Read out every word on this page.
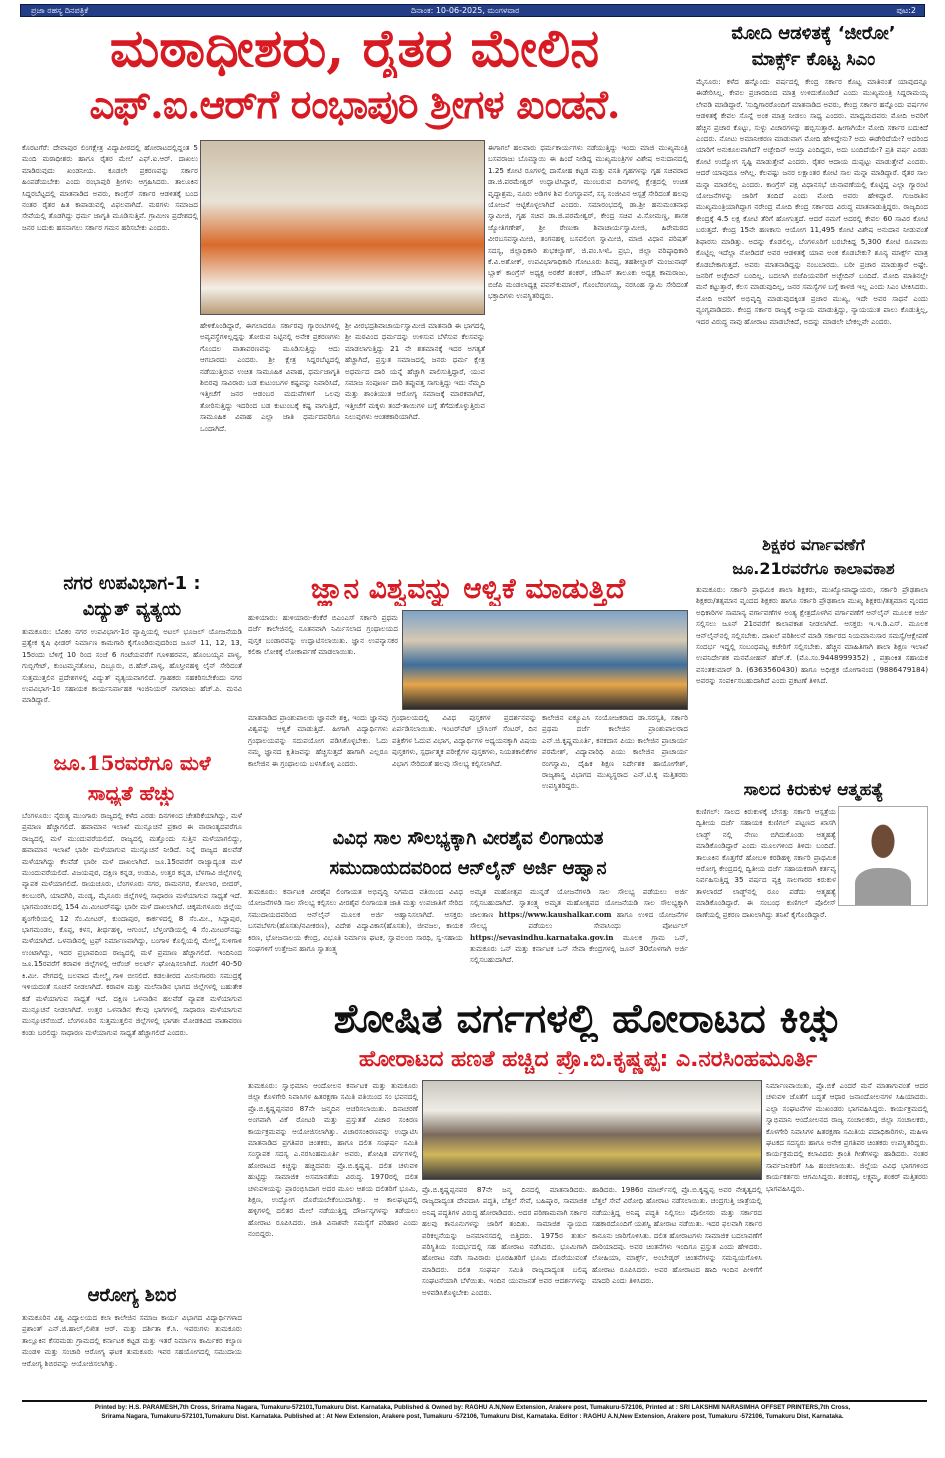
ಪ್ರಜಾ ರಹಸ್ಯ ದಿನಪತ್ರಿಕೆ	ದಿನಾಂಕ: 10-06-2025, ಮಂಗಳವಾರ	ಪುಟ:2
ಮಠಾಧೀಶರು, ರೈತರ ಮೇಲಿನ
ಎಫ್.ಐ.ಆರ್‌ಗೆ ರಂಭಾಪುರಿ ಶ್ರೀಗಳ ಖಂಡನೆ.
ಕೊರಟಗೆರೆ: ದೇವಾಪುರ ಲಿಂಗಕ್ಷೇತ್ರ ವಿದ್ಯಾಪೀಠದಲ್ಲಿ ಹೋರಾಟದಲ್ಲಿದ್ದಂತ 5 ಮಂದಿ ಮಠಾಧೀಶರು ಹಾಗೂ ರೈತರ ಮೇಲೆ ಎಫ್.ಐ.ಆರ್. ದಾಖಲು ಮಾಡಿರುವುದು ಖಂಡನೀಯ. ಕೂಡಲೇ ಪ್ರಕರಣವನ್ನು ಸರ್ಕಾರ ಹಿಂಪಡೆಯಬೇಕು ಎಂದು ರಂಭಾಪುರಿ ಶ್ರೀಗಳು ಆಗ್ರಹಿಸಿದರು. ತಾಲೂಕಿನ ಸಿದ್ದರಬೆಟ್ಟದಲ್ಲಿ ಮಾತನಾಡಿದ ಅವರು, ಕಾಂಗ್ರೆಸ್ ಸರ್ಕಾರ ಆಡಳಿತಕ್ಕೆ ಬಂದ ನಂತರ ರೈತರ ಹಿತ ಕಾಪಾಡುವಲ್ಲಿ ವಿಫಲವಾಗಿದೆ. ಮಠಗಳು ಸಮಾಜದ ಸೇವೆಯಲ್ಲಿ ತೊಡಗಿದ್ದು ಧರ್ಮ ಜಾಗೃತಿ ಮೂಡಿಸುತ್ತಿವೆ. ಗ್ರಾಮೀಣ ಪ್ರದೇಶದಲ್ಲಿ ಜನರ ಬದುಕು ಹಸನಾಗಲು ಸರ್ಕಾರ ಗಮನ ಹರಿಸಬೇಕು ಎಂದರು.
ಹೇಳಿಕೊಂಡಿದ್ದಾರೆ, ಈಗಲಾದರೂ ಸರ್ಕಾರವು ಗ್ಯಾರಂಟಿಗಳಲ್ಲಿ ಅವ್ಯವಸ್ಥೆಗಳಿಲ್ಲದ್ದನ್ನು ತೋರುವ ನಿಟ್ಟಿನಲ್ಲಿ ಅನೇಕ ಪ್ರಕರಣಗಳು ಗೊಂದಲ ವಾತಾವರಣವನ್ನು ಮೂಡಿಸುತ್ತಿದ್ದು ಆದು ಆಗಬಾರದು ಎಂದರು. ಶ್ರೀ ಕ್ಷೇತ್ರ ಸಿದ್ದರಬೆಟ್ಟದಲ್ಲಿ ನಡೆಯುತ್ತಿರುವ ಉಚಿತ ಸಾಮೂಹಿಕ ವಿವಾಹ, ಧರ್ಮಜಾಗೃತಿ ಶಿಬಿರವು ಸಾವಿರಾರು ಬಡ ಕುಟುಂಬಗಳ ಕಷ್ಟವನ್ನು ನಿವಾರಿಸಿದೆ, ಇತ್ತೀಚೆಗೆ ಜನರ ಆಡಂಬರ ಮದುವೆಗಳಿಗೆ ಒಲವು ತೋರಿಸುತ್ತಿದ್ದು ಇದರಿಂದ ಬಡ ಕುಟುಂಬಕ್ಕೆ ಕಷ್ಟ ವಾಗುತ್ತಿದೆ, ಸಾಮೂಹಿಕ ವಿವಾಹ ಎಲ್ಲಾ ಜಾತಿ ಧರ್ಮದವರಿಗೂ ಒಂದಾಗಿದೆ.
ಶ್ರೀ ವೀರಭದ್ರಶಿವಾಚಾರ್ಯಸ್ವಾಮೀಜಿ ಮಾತನಾಡಿ ಈ ಭಾಗದಲ್ಲಿ ಶ್ರೀ ಮಠವಿಂದ ಧರ್ಮದನ್ನು ಉಳಿಸುವ ಬೆಳೆಸುವ ಕೆಲಸವನ್ನು ಮಾಡಲಾಗುತ್ತಿದ್ದು 21 ನೇ ಶತಮಾನಕ್ಕೆ ಇದರ ಅಗತ್ಯತೆ ಹೆಚ್ಚಾಗಿದೆ, ಪ್ರಸ್ತುತ ಸಮಾಜದಲ್ಲಿ ಜನರು ಧರ್ಮ ಕ್ಷೇತ್ರ ಅಧರ್ಮದ ದಾರಿ ಯನ್ನೆ ಹೆಚ್ಚಾಗಿ ಪಾಲಿಸುತ್ತಿದ್ದಾರೆ, ಯುವ ಸಮಾಜ ಸಂಪೂರ್ಣ ದಾರಿ ತಪ್ಪುವತ್ತ ಸಾಗುತ್ತಿದ್ದು ಇದು ನೆಮ್ಮದಿ ಮತ್ತು ಶಾಂತಿಯುತ ಆರೋಗ್ಯ ಸಮಾಜಕ್ಕೆ ಮಾರಕವಾಗಿದೆ, ಇತ್ತೀಚೆಗೆ ಮಕ್ಕಳು ತಂದೆ-ತಾಯಿಗಳ ಬಗ್ಗೆ ತೆಗೆದುಕೊಳ್ಳುತ್ತಿರುವ ನಿಲುವುಗಳು ಆಂತಕಕಾರಿಯಾಗಿದೆ.
ಈಗಾಗಲೆ ಹಲವಾರು ಧರ್ಮಕಾರ್ಯಗಳು ನಡೆಯುತ್ತಿದ್ದು ಇಂದು ಮಾಜಿ ಮುಖ್ಯಮಂತ್ರಿ ಬಸವರಾಜು ಬೊಮ್ಮಾಯಿ ಈ ಹಿಂದೆ ನೀಡಿದ್ದ ಮುಖ್ಯಮಂತ್ರಿಗಳ ವಿಶೇಷ ಅನುದಾನದಲ್ಲಿ 1.25 ಕೋಟಿ ರೂಗಳಲ್ಲಿ ದಾಸೋಹ ಕಟ್ಟಡ ಮತ್ತು ವಸತಿ ಗೃಹಗಳನ್ನು ಗೃಹ ಸಚಿವರಾದ ಡಾ.ಜಿ.ಪರಮೇಶ್ವರ್ ಉದ್ಘಾಟಿಸಿದ್ದಾರೆ, ಮುಂಬರುವ ದಿನಗಳಲ್ಲಿ ಕ್ಷೇತ್ರದಲ್ಲಿ ಉಚಿತ ವೃದ್ಧಾಶ್ರಮ, ನೂರು ಅಡಿಗಳ ಶಿವ ಲಿಂಗಸ್ಥಾಪನೆ, ಸಸ್ಯ ಸಂಜೀವಿನ ಆಸ್ಪತ್ರೆ ಸೇರಿದಂತೆ ಹಲವು ಯೋಜನೆ ಆಟ್ಟಿಕೊಳ್ಳಲಾಗಿದೆ ಎಂದರು. ಸಮಾರಂಭದಲ್ಲಿ ಡಾ.ಶ್ರೀ ಹನುಮಂತನಾಥ ಸ್ವಾಮೀಜಿ, ಗೃಹ ಸಚಿವ ಡಾ.ಜಿ.ಪರಮೇಶ್ವರ್, ಕೇಂದ್ರ ಸಚಿವ ವಿ.ಸೋಮಣ್ಣ, ಶಾಸಕ ಜ್ಯೋತಿಗಣೇಶ್, ಶ್ರೀ ರೇಣುಕಾ ಶಿವಾಚಾರ್ಯಸ್ವಾಮೀಜಿ, ಹಿರೇಮಠದ ವೀರಬಸವಸ್ವಾಮೀಜಿ, ತಂಗನಹಳ್ಳಿ ಬಸವಲಿಂಗ ಸ್ವಾಮೀಜಿ, ಮಾಜಿ ವಿಧಾನ ಪರಿಷತ್ ಸದಸ್ಯ, ಜಿಲ್ಲಾಧಿಕಾರಿ ಶುಭಕಲ್ಯಾಣ್, ಜಿ.ಪಂ.ಸಿಇಓ ಪ್ರಭು, ಜಿಲ್ಲಾ ವರಿಷ್ಠಾಧಿಕಾರಿ ಕೆ.ವಿ.ಅಶೋಕ್, ಉಪವಿಭಾಗಾಧಿಕಾರಿ ಗೋಟೂರು ಶಿವಪ್ಪ, ತಹಶೀಲ್ದಾರ್ ಮಂಜುನಾಥ್ ಬ್ಲಾಕ್ ಕಾಂಗ್ರೆಸ್ ಅಧ್ಯಕ್ಷ ಅರಕೆರೆ ಶಂಕರ್, ಜೆಡಿಎಸ್ ತಾಲೂಕು ಅಧ್ಯಕ್ಷ ಕಾಮರಾಜು, ಬಿಜೆಪಿ ಮಂಡಲಾಧ್ಯಕ್ಷ ಪವನ್‌ಕುಮಾರ್, ಗೊಂಬೆರಂಗಯ್ಯ, ನರಸಿಂಹ ಸ್ವಾಮಿ ಸೇರಿದಂತೆ ಭಕ್ತಾದಿಗಳು ಉಪಸ್ಥಿತರಿದ್ದರು.
ಮೋದಿ ಆಡಳಿತಕ್ಕೆ ‘ಜೀರೋ’
ಮಾರ್ಕ್ಸ್ ಕೊಟ್ಟ ಸಿಎಂ
ಮೈಸೂರು: ಕಳೆದ ಹನ್ನೊಂದು ವರ್ಷದಲ್ಲಿ ಕೇಂದ್ರ ಸರ್ಕಾರ ಕೊಟ್ಟ ಮಾತಿನಂತೆ ಯಾವುದನ್ನೂ ಈಡೇರಿಸಿಲ್ಲ. ಕೇವಲ ಪ್ರಚಾರದಿಂದ ಮಾತ್ರ ಉಳಿದುಕೊಂಡಿದೆ ಎಂದು ಮುಖ್ಯಮಂತ್ರಿ ಸಿದ್ದರಾಮಯ್ಯ ಲೇವಡಿ ಮಾಡಿದ್ದಾರೆ. 'ಸುದ್ದಿಗಾರರೊಂದಿಗೆ ಮಾತನಾಡಿದ ಅವರು, ಕೇಂದ್ರ ಸರ್ಕಾರ ಹನ್ನೊಂದು ವರ್ಷಗಳ ಆಡಳಿತಕ್ಕೆ ಕೇವಲ ಸೊನ್ನೆ ಅಂಕ ಮಾತ್ರ ನೀಡಲು ಸಾಧ್ಯ ಎಂದರು. ಮಾಧ್ಯಮದವರು ಮೋದಿ ಅವರಿಗೆ ಹೆಚ್ಚಿನ ಪ್ರಚಾರ ಕೊಟ್ಟು, ಸುಳ್ಳು ವಿಚಾರಗಳನ್ನು ಹಬ್ಬಿಸುತ್ತಾರೆ. ಹೀಗಾಗಿಯೇ ಮೋದಿ ಸರ್ಕಾರ ಬದುಕಿದೆ ಎಂದರು. ನೋಟು ಅಮಾನೀಕರಣ ಮಾಡುವಾಗ ಮೋದಿ ಹೇಳಿದ್ದೇನು? ಅದು ಈಡೇರಿದೆಯೇ? ಅದರಿಂದ ಯಾರಿಗೆ ಅನುಕೂಲವಾಗಿದೆ? ಅಚ್ಛೇದಿನ್ ಆಯ್ತಾ ಎಂದಿದ್ದರು, ಅದು ಬಂದಿದೆಯೇ? ಪ್ರತಿ ವರ್ಷ ಎರಡು ಕೋಟಿ ಉದ್ಯೋಗ ಸೃಷ್ಟಿ ಮಾಡುತ್ತೇವೆ ಎಂದರು. ರೈತರ ಆದಾಯ ದುಪ್ಪಟ್ಟು ಮಾಡುತ್ತೇವೆ ಎಂದರು. ಆದರೆ ಯಾವುದೂ ಆಗಿಲ್ಲ. ಕೆಲವಷ್ಟು ಜನರ ಲಕ್ಷಾಂತರ ಕೋಟಿ ಸಾಲ ಮನ್ನಾ ಮಾಡಿದ್ದಾರೆ. ರೈತರ ಸಾಲ ಮನ್ನಾ ಮಾಡಲಿಲ್ಲ ಎಂದರು. ಕಾಂಗ್ರೆಸ್ ಪಕ್ಷ ವಿಧಾನಸಭೆ ಚುನಾವಣೆಯಲ್ಲಿ ಕೊಟ್ಟಿದ್ದ ಎಲ್ಲಾ ಗ್ಯಾರಂಟಿ ಯೋಜನೆಗಳನ್ನು ಜಾರಿಗೆ ತಂದಿದೆ ಎಂದು ಮೋದಿ ಅವರು ಹೇಳಿದ್ದಾರೆ. ಗುಜರಾತಿನ ಮುಖ್ಯಮಂತ್ರಿಯಾಗಿದ್ದಾಗ ನರೇಂದ್ರ ಮೋದಿ ಕೇಂದ್ರ ಸರ್ಕಾರದ ವಿರುದ್ಧ ಮಾತನಾಡುತ್ತಿದ್ದರು. ರಾಜ್ಯದಿಂದ ಕೇಂದ್ರಕ್ಕೆ 4.5 ಲಕ್ಷ ಕೋಟಿ ತೆರಿಗೆ ಹೋಗುತ್ತದೆ. ಆದರೆ ನಮಗೆ ಅದರಲ್ಲಿ ಕೇವಲ 60 ಸಾವಿರ ಕೋಟಿ ಬರುತ್ತದೆ. ಕೇಂದ್ರ 15ನೇ ಹಣಕಾಸು ಆಯೋಗ 11,495 ಕೋಟಿ ವಿಶೇಷ ಅನುದಾನ ನೀಡುವಂತೆ ಶಿಫಾರಸು ಮಾಡಿತ್ತು. ಅದನ್ನು ಕೊಡಲಿಲ್ಲ. ಬೆಂಗಳೂರಿಗೆ ಬರಬೇಕಿದ್ದ 5,300 ಕೋಟಿ ರೂಪಾಯಿ ಕೊಟ್ಟಿಲ್ಲ ಇದೆಲ್ಲಾ ನೋಡಿದರೆ ಅವರ ಆಡಳಿತಕ್ಕೆ ಯಾವ ಅಂಕ ಕೊಡಬೇಕು? ಶೂನ್ಯ ಮಾರ್ಕ್ಸ್ ಮಾತ್ರ ಕೊಡಬೇಕಾಗುತ್ತದೆ. ಅವರು ಮಾತನಾಡಿದ್ದನ್ನು ನಂಬಬಾರದು. ಬರೀ ಪ್ರಚಾರ ಮಾಡುತ್ತಾರೆ ಅಷ್ಟೇ. ಜನರಿಗೆ ಅಚ್ಛೇದಿನ್ ಬಂದಿಲ್ಲ. ಬದಲಾಗಿ ಬಿಜೆಪಿಯವರಿಗೆ ಅಚ್ಛೇದಿನ್ ಬಂದಿದೆ. ಮೋದಿ ಮಾತಿನಲ್ಲೇ ಮನೆ ಕಟ್ಟುತ್ತಾರೆ, ಕೆಲಸ ಮಾಡುವುದಿಲ್ಲ, ಜನರ ಸಮಸ್ಯೆಗಳ ಬಗ್ಗೆ ಕಾಳಜಿ ಇಲ್ಲ ಎಂದು ಸಿಎಂ ಟೀಕಿಸಿದರು. ಮೋದಿ ಅವರಿಗೆ ಅಭಿವೃದ್ಧಿ ಮಾಡುವುದಕ್ಕಿಂತ ಪ್ರಚಾರ ಮುಖ್ಯ, ಇದೇ ಅವರ ಸಾಧನೆ ಎಂದು ವ್ಯಂಗ್ಯವಾಡಿದರು. ಕೇಂದ್ರ ಸರ್ಕಾರ ರಾಜ್ಯಕ್ಕೆ ಅನ್ಯಾಯ ಮಾಡುತ್ತಿದ್ದು, ನ್ಯಾಯಯುತ ಪಾಲು ಕೊಡುತ್ತಿಲ್ಲ, ಇದರ ವಿರುದ್ಧ ನಾವು ಹೋರಾಟ ಮಾಡಬೇಕಿದೆ, ಅದನ್ನು ಮಾಡಲೇ ಬೇಕಲ್ಲವೇ ಎಂದರು.
ಶಿಕ್ಷಕರ ವರ್ಗಾವಣೆಗೆ
ಜೂ.21ರವರೆಗೂ ಕಾಲಾವಕಾಶ
ತುಮಕೂರು: ಸರ್ಕಾರಿ ಪ್ರಾಥಮಿಕ ಶಾಲಾ ಶಿಕ್ಷಕರು, ಮುಖ್ಯೋಪಾಧ್ಯಾಯರು, ಸರ್ಕಾರಿ ಪ್ರೌಢಶಾಲಾ ಶಿಕ್ಷಕರು/ತತ್ಸಮಾನ ವೃಂದದ ಶಿಕ್ಷಕರು ಹಾಗೂ ಸರ್ಕಾರಿ ಪ್ರೌಢಶಾಲಾ ಮುಖ್ಯ ಶಿಕ್ಷಕರು/ತತ್ಸಮಾನ ವೃಂದದ ಅಧಿಕಾರಿಗಳ ಸಾಮಾನ್ಯ ವರ್ಗಾವಣೆಗಳ ಅಂತ್ಯ ಕ್ಷೇತ್ರದೊಳಗಿನ ವರ್ಗಾವಣೆಗೆ ಆನ್‌ಲೈನ್ ಮೂಲಕ ಅರ್ಜಿ ಸಲ್ಲಿಸಲು ಜೂನ್ 21ರವರೆಗೆ ಕಾಲಾವಕಾಶ ನೀಡಲಾಗಿದೆ. ಆಸಕ್ತರು ಇ.ಇ.ಡಿ.ಎಸ್. ಮೂಲಕ ಆನ್‌ಲೈನ್‌ನಲ್ಲಿ ಸಲ್ಲಿಸಬೇಕು. ದಾಖಲೆ ಪರಿಶೀಲನೆ ಮಾಡಿ ಸರ್ಕಾರದ ನಿಯಮಾನುಸಾರ ಸಮಸ್ಯೆ/ಆಕ್ಷೇಪಣೆ ಸಂದರ್ಭ ಇದ್ದಲ್ಲಿ ಸಂಬಂಧಪಟ್ಟ ಕಚೇರಿಗೆ ಸಲ್ಲಿಸಬೇಕು. ಹೆಚ್ಚಿನ ಮಾಹಿತಿಗಾಗಿ ಶಾಲಾ ಶಿಕ್ಷಣ ಇಲಾಖೆ ಉಪನಿರ್ದೇಶಕ ಮನಮೋಹನ್ ಹೆಚ್.ಕೆ. (ಮೊ.ಸಂ.9448999352) , ಪತ್ರಾಂಕಿತ ಸಹಾಯಕ ವಸಂತಕುಮಾರ್ ಡಿ. (6363560430) ಹಾಗೂ ಅಧೀಕ್ಷಕ ಯೋಗಾನಂದ (9886479184) ಅವರನ್ನು ಸಂಪರ್ಕಿಸಬಹುದಾಗಿದೆ ಎಂದು ಪ್ರಕಟಣೆ ತಿಳಿಸಿದೆ.
ಸಾಲದ ಕಿರುಕುಳ ಆತ್ಮಹತ್ಯೆ
ಕುಣಿಗಲ್: ಸಾಲದ ಕಿರುಕುಳಕ್ಕೆ ಬೇಸತ್ತು ಸರ್ಕಾರಿ ಆಸ್ಪತ್ರೆಯ ದ್ವಿತೀಯ ದರ್ಜೆ ಸಹಾಯಕ ಕುಣಿಗಲ್ ಪಟ್ಟಣದ ಖಾಸಗಿ ಲಾಡ್ಜ್ ನಲ್ಲಿ ನೇಣು ಬಿಗಿದುಕೊಂಡು ಆತ್ಮಹತ್ಯೆ ಮಾಡಿಕೊಂಡಿದ್ದಾರೆ ಎಂದು ಮೂಲಗಳಿಂದ ತಿಳಿದು ಬಂದಿದೆ. ತಾಲೂಕಿನ ಕೊತ್ತಗೆರೆ ಹೋಬಳಿ ಕರಡಿಹಳ್ಳಿ ಸರ್ಕಾರಿ ಪ್ರಾಥಮಿಕ ಆರೋಗ್ಯ ಕೇಂದ್ರದಲ್ಲಿ ದ್ವಿತೀಯ ದರ್ಜೆ ಸಹಾಯಕರಾಗಿ ಕರ್ತವ್ಯ ನಿರ್ವಹಿಸುತ್ತಿದ್ದ 35 ವರ್ಷದ ವ್ಯಕ್ತಿ ಸಾಲಗಾರರ ಕಿರುಕುಳ ತಾಳಲಾರದೆ ಲಾಡ್ಜ್‌ನಲ್ಲಿ ರೂಂ ಪಡೆದು ಆತ್ಮಹತ್ಯೆ ಮಾಡಿಕೊಂಡಿದ್ದಾರೆ. ಈ ಸಂಬಂಧ ಕುಣಿಗಲ್ ಪೊಲೀಸ್ ಠಾಣೆಯಲ್ಲಿ ಪ್ರಕರಣ ದಾಖಲಾಗಿದ್ದು ತನಿಖೆ ಕೈಗೊಂಡಿದ್ದಾರೆ.
ನಗರ ಉಪವಿಭಾಗ-1 :
ವಿದ್ಯುತ್ ವ್ಯತ್ಯಯ
ತುಮಕೂರು: ಬೆವಿಕಂ ನಗರ ಉಪವಿಭಾಗ-1ರ ವ್ಯಾಪ್ತಿಯಲ್ಲಿ ಅಟಲ್ ಭೂಜಲ್ ಯೋಜನೆಯಡಿ ಪ್ರತ್ಯೇಕ ಕೃಷಿ ಫೀಡರ್ ನಿರ್ಮಾಣ ಕಾಮಗಾರಿ ಕೈಗೊಂಡಿರುವುದರಿಂದ ಜೂನ್ 11, 12, 13, 15ರಂದು ಬೆಳಿಗ್ಗೆ 10 ರಿಂದ ಸಂಜೆ 6 ಗಂಟೆಯವರೆಗೆ ಗೂಳಿಹರವನ, ಹೊಂಬಯ್ಯನ ಪಾಳ್ಯ, ಗುಬ್ಬಿಗೇಟ್, ಕುಂಟಮ್ಮನತೋಟ, ದಿಬ್ಬೂರು, ಬಿ.ಹೆಚ್.ಪಾಳ್ಯ, ಹೊಸ್ತೀನಹಳ್ಳಿ ಲೈನ್ ಸೇರಿದಂತೆ ಸುತ್ತಮುತ್ತಲಿನ ಪ್ರದೇಶಗಳಲ್ಲಿ ವಿದ್ಯುತ್ ವ್ಯತ್ಯಯವಾಗಲಿದೆ. ಗ್ರಾಹಕರು ಸಹಕರಿಸಬೇಕೆಂದು ನಗರ ಉಪವಿಭಾಗ-1ರ ಸಹಾಯಕ ಕಾರ್ಯನಿರ್ವಾಹಕ ಇಂಜಿನಿಯರ್ ನಾಗರಾಜು ಹೆಚ್.ಪಿ. ಮನವಿ ಮಾಡಿದ್ದಾರೆ.
ಜೂ.15ರವರೆಗೂ ಮಳೆ
ಸಾಧ್ಯತೆ ಹೆಚ್ಚು
ಬೆಂಗಳೂರು: ನೈರುತ್ಯ ಮುಂಗಾರು ರಾಜ್ಯದಲ್ಲಿ ಕಳೆದ ಎರಡು ದಿನಗಳಿಂದ ಚೇತರಿಕೆಯಾಗಿದ್ದು, ಮಳೆ ಪ್ರಮಾಣ ಹೆಚ್ಚಾಗಲಿದೆ. ಹವಾಮಾನ ಇಲಾಖೆ ಮುನ್ಸೂಚನೆ ಪ್ರಕಾರ ಈ ವಾರಾಂತ್ಯದವರೆಗೂ ರಾಜ್ಯದಲ್ಲಿ ಮಳೆ ಮುಂದುವರೆಯಲಿದೆ. ರಾಜ್ಯದಲ್ಲಿ ಮತ್ತೊಂದು ಸುತ್ತಿನ ಮಳೆಯಾಗಲಿದ್ದು, ಹವಾಮಾನ ಇಲಾಖೆ ಭಾರೀ ಮಳೆಯಾಗುವ ಮುನ್ಸೂಚನೆ ನೀಡಿದೆ. ನಿನ್ನೆ ರಾಜ್ಯದ ಹಲವೆಡೆ ಮಳೆಯಾಗಿದ್ದು ಕೆಲವೆಡೆ ಭಾರೀ ಮಳೆ ದಾಖಲಾಗಿದೆ. ಜೂ.15ರವರೆಗೆ ರಾಜ್ಯಾದ್ಯಂತ ಮಳೆ ಮುಂದುವರೆಯಲಿದೆ. ವಿಜಯಪುರ, ದಕ್ಷಿಣ ಕನ್ನಡ, ಉಡುಪಿ, ಉತ್ತರ ಕನ್ನಡ, ಬೆಳಗಾವಿ ಜಿಲ್ಲೆಗಳಲ್ಲಿ ವ್ಯಾಪಕ ಮಳೆಯಾಗಲಿದೆ. ರಾಯಚೂರು, ಬೆಂಗಳೂರು ನಗರ, ರಾಮನಗರ, ಕೋಲಾರ, ಬೀದರ್, ಕಲಬುರಗಿ, ಯಾದಗಿರಿ, ಮಂಡ್ಯ, ಮೈಸೂರು ಜಿಲ್ಲೆಗಳಲ್ಲಿ ಸಾಧಾರಣ ಮಳೆಯಾಗುವ ಸಾಧ್ಯತೆ ಇದೆ. ಭಾಗಮಂಡಲದಲ್ಲಿ 154 ಮಿ.ಮೀಟರ್‌ನಷ್ಟು ಭಾರೀ ಮಳೆ ದಾಖಲಾಗಿದೆ. ಚಿಕ್ಕಮಗಳೂರು ಜಿಲ್ಲೆಯ ಶೃಂಗೇರಿಯಲ್ಲಿ 12 ಸೆಂ.ಮೀಟರ್, ಕುಂದಾಪುರ, ಕಾರ್ಕಳದಲ್ಲಿ 8 ಸೆಂ.ಮೀ., ಸಿದ್ದಾಪುರ, ಭಾಗಮಂಡಲ, ಕೊಪ್ಪ, ಕಳಸ, ತೀರ್ಥಹಳ್ಳಿ, ಆಗುಂಬೆ, ಬೆಳ್ತಂಗಡಿಯಲ್ಲಿ 4 ಸೆಂ.ಮೀಟರ್‌ನಷ್ಟು ಮಳೆಯಾಗಿದೆ. ಒಳನಾಡಿನಲ್ಲಿ ಟ್ರಫ್ ನಿರ್ಮಾಣವಾಗಿದ್ದು, ಬಂಗಾಳ ಕೊಲ್ಲಿಯಲ್ಲಿ ಮೇಲ್ಮೈ ಸುಳಿಗಾಳಿ ಉಂಟಾಗಿದ್ದು, ಇದರ ಪ್ರಭಾವದಿಂದ ರಾಜ್ಯದಲ್ಲಿ ಮಳೆ ಪ್ರಮಾಣ ಹೆಚ್ಚಾಗಲಿದೆ. ಇಂದಿನಿಂದ ಜೂ.15ರವರೆಗೆ ಕರಾವಳಿ ಜಿಲ್ಲೆಗಳಲ್ಲಿ ಆರೆಂಜ್ ಅಲರ್ಟ್ ಘೋಷಿಸಲಾಗಿದೆ. ಗಂಟೆಗೆ 40-50 ಕಿ.ಮೀ. ವೇಗದಲ್ಲಿ ಬಲವಾದ ಮೇಲ್ಮೈ ಗಾಳಿ ಬೀಸಲಿದೆ. ಕಡಲತೀರದ ಮೀನುಗಾರರು ಸಮುದ್ರಕ್ಕೆ ಇಳಿಯದಂತೆ ಸೂಚನೆ ನೀಡಲಾಗಿದೆ. ಕರಾವಳಿ ಮತ್ತು ಮಲೆನಾಡಿನ ಭಾಗದ ಜಿಲ್ಲೆಗಳಲ್ಲಿ ಬಹುತೇಕ ಕಡೆ ಮಳೆಯಾಗುವ ಸಾಧ್ಯತೆ ಇದೆ. ದಕ್ಷಿಣ ಒಳನಾಡಿನ ಹಲವೆಡೆ ವ್ಯಾಪಕ ಮಳೆಯಾಗುವ ಮುನ್ಸೂಚನೆ ನೀಡಲಾಗಿದೆ. ಉತ್ತರ ಒಳನಾಡಿನ ಕೆಲವು ಭಾಗಗಳಲ್ಲಿ ಸಾಧಾರಣ ಮಳೆಯಾಗುವ ಮುನ್ಸೂಚನೆಯಿದೆ. ಬೆಂಗಳೂರಿನ ಸುತ್ತಮುತ್ತಲಿನ ಜಿಲ್ಲೆಗಳಲ್ಲಿ ಭಾಗಶಃ ಮೋಡಕವಿದ ವಾತಾವರಣ ಕಂಡು ಬರಲಿದ್ದು ಸಾಧಾರಣ ಮಳೆಯಾಗುವ ಸಾಧ್ಯತೆ ಹೆಚ್ಚಾಗಲಿದೆ ಎಂದರು.
ಆರೋಗ್ಯ ಶಿಬಿರ
ತುಮಕೂರಿನ ವಿಶ್ವ ವಿದ್ಯಾಲಯದ ಕಲಾ ಕಾಲೇಜಿನ ಸಮಾಜ ಕಾರ್ಯ ವಿಭಾಗದ ವಿದ್ಯಾರ್ಥಿಗಳಾದ ಪ್ರಶಾಂತ್ ಎನ್.ಜಿ.ಹಾಲ್,ಲಿಖಿತ ಆರ್. ಮತ್ತು ದರ್ಶಿತಾ ಕೆ.ಸಿ. ಇವರುಗಳು ತುಮಕೂರು ತಾಲ್ಲೂಕಿನ ಕೆಸರಮಡು ಗ್ರಾಮದಲ್ಲಿ ಕರ್ನಾಟಕ ಕಟ್ಟಡ ಮತ್ತು ಇತರೆ ನಿರ್ಮಾಣ ಕಾರ್ಮಿಕರ ಕಲ್ಯಾಣ ಮಂಡಳಿ ಮತ್ತು ಸಂಚಾರಿ ಆರೋಗ್ಯ ಘಟಕ ತುಮಕೂರು ಇವರ ಸಹಯೋಗದಲ್ಲಿ ಸಮುದಾಯ ಆರೋಗ್ಯ ಶಿಬಿರವನ್ನು ಆಯೋಜಿಸಲಾಗಿತ್ತು.
ಜ್ಞಾನ ವಿಶ್ವವನ್ನು ಆಳ್ವಿಕೆ ಮಾಡುತ್ತಿದೆ
ಹುಳಿಯಾರು: ಹುಳಿಯಾರು-ಕೆಂಕೆರೆ ಬಿಎಂಎಸ್ ಸರ್ಕಾರಿ ಪ್ರಥಮ ದರ್ಜೆ ಕಾಲೇಜಿನಲ್ಲಿ ನೂತನವಾಗಿ ನಿರ್ಮಿಸಲಾದ ಗ್ರಂಥಾಲಯದ ಪುಸ್ತಕ ಬಂಡಾರವನ್ನು ಉದ್ಘಾಟಿಸಲಾಯಿತು. ಜ್ಞಾನ ಉಪನ್ಯಾಸಕರ ಕಲಿಕಾ ಲೋಕಕ್ಕೆ ಲೋಕಾರ್ಪಣೆ ಮಾಡಲಾಯಿತು.
ಮಾತನಾಡಿದ ಪ್ರಾಂಶುಪಾಲರು ಜ್ಞಾನವೇ ಶಕ್ತಿ, ಇಂದು ಜ್ಞಾನವು ವಿಶ್ವವನ್ನು ಆಳ್ವಿಕೆ ಮಾಡುತ್ತಿದೆ. ಹೀಗಾಗಿ ವಿದ್ಯಾರ್ಥಿಗಳು ಗ್ರಂಥಾಲಯವನ್ನು ಸದುಪಯೋಗ ಪಡಿಸಿಕೊಳ್ಳಬೇಕು. ಓದು ನಮ್ಮ ಜ್ಞಾನದ ಕ್ಷಿತಿಜವನ್ನು ಹೆಚ್ಚಿಸುತ್ತದೆ ಹಾಗಾಗಿ ಎಲ್ಲರೂ ಕಾಲೇಜಿನ ಈ ಗ್ರಂಥಾಲಯ ಬಳಸಿಕೊಳ್ಳಿ ಎಂದರು.
ಗ್ರಂಥಾಲಯದಲ್ಲಿ ವಿವಿಧ ಪುಸ್ತಕಗಳ ಪ್ರದರ್ಶನವನ್ನು ಏರ್ಪಡಿಸಲಾಯಿತು. ಇಂಟರ್‌ನೆಟ್ ಬ್ರೌಸಿಂಗ್ ಸೆಂಟರ್, ದಿನ ಪತ್ರಿಕೆಗಳ ಓದುವ ವಿಭಾಗ, ವಿದ್ಯಾರ್ಥಿಗಳ ಅಧ್ಯಯನಕ್ಕಾಗಿ ವಿಷಯ ಪುಸ್ತಕಗಳು, ಸ್ಪರ್ಧಾತ್ಮಕ ಪರೀಕ್ಷೆಗಳ ಪುಸ್ತಕಗಳು, ನಿಯತಕಾಲಿಕೆಗಳ ವಿಭಾಗ ಸೇರಿದಂತೆ ಹಲವು ಸೌಲಭ್ಯ ಕಲ್ಪಿಸಲಾಗಿದೆ.
ಕಾಲೇಜಿನ ಐಕ್ಯೂಎಸಿ ಸಂಯೋಜಕರಾದ ಡಾ.ಸರಸ್ವತಿ, ಸರ್ಕಾರಿ ಪ್ರಥಮ ದರ್ಜೆ ಕಾಲೇಜಿನ ಪ್ರಾಂಶುಪಾಲರಾದ ಎನ್.ಜಿ.ಕೃಷ್ಣಮೂರ್ತಿ, ಕನಕದಾಸ ಪಿಯು ಕಾಲೇಜಿನ ಪ್ರಾಚಾರ್ಯ ಪರಮೇಶ್, ವಿದ್ಯಾವಾರಿಧಿ ಪಿಯು ಕಾಲೇಜಿನ ಪ್ರಾಚಾರ್ಯ ರಂಗಸ್ವಾಮಿ, ದೈಹಿಕ ಶಿಕ್ಷಣ ನಿರ್ದೇಶಕ ಹಾಯೋಗೇಶ್, ರಾಜ್ಯಶಾಸ್ತ್ರ ವಿಭಾಗದ ಮುಖ್ಯಸ್ಥರಾದ ಎನ್.ಟಿ.ಕ್ಕ ಮತ್ತಿತರರು ಉಪಸ್ಥಿತರಿದ್ದರು.
ವಿವಿಧ ಸಾಲ ಸೌಲಭ್ಯಕ್ಕಾಗಿ ವೀರಶೈವ ಲಿಂಗಾಯತ
ಸಮುದಾಯದವರಿಂದ ಆನ್‌ಲೈನ್ ಅರ್ಜಿ ಆಹ್ವಾನ
ತುಮಕೂರು: ಕರ್ನಾಟಕ ವೀರಶೈವ ಲಿಂಗಾಯತ ಅಭಿವೃದ್ಧಿ ನಿಗಮದ ವತಿಯಿಂದ ವಿವಿಧ ಯೋಜನೆಗಳಡಿ ಸಾಲ ಸೌಲಭ್ಯ ಕಲ್ಪಿಸಲು ವೀರಶೈವ ಲಿಂಗಾಯತ ಜಾತಿ ಮತ್ತು ಉಪಜಾತಿಗೆ ಸೇರಿದ ಸಮುದಾಯದವರಿಂದ ಆನ್‌ಲೈನ್ ಮೂಲಕ ಅರ್ಜಿ ಆಹ್ವಾನಿಸಲಾಗಿದೆ. ಆಸಕ್ತರು ಬಸವಬೆಳಗು(ಹೊಸತು/ನವೀಕರಣ), ವಿದೇಶ ವಿದ್ಯಾವಿಕಾಸ(ಹೊಸತು), ಜೀವಜಲ, ಕಾಯಕ ಕಿರಣ, ಭೋಜನಾಲಯ ಕೇಂದ್ರ, ವಿಭೂತಿ ನಿರ್ಮಾಣ ಘಟಕ, ಸ್ವಾವಲಂಬಿ ಸಾರಥಿ, ಸ್ವ-ಸಹಾಯ ಸಂಘಗಳಿಗೆ ಉತ್ತೇಜನ ಹಾಗೂ ಸ್ವಾತಂತ್ರ್ಯ
ಅಮೃತ ಮಹೋತ್ಸವ ಮುನ್ನಡೆ ಯೋಜನೆಗಳಡಿ ಸಾಲ ಸೌಲಭ್ಯ ಪಡೆಯಲು ಅರ್ಜಿ ಸಲ್ಲಿಸಬಹುದಾಗಿದೆ. ಸ್ವಾತಂತ್ರ್ಯ ಅಮೃತ ಮಹೋತ್ಸವದ ಯೋಜನೆಯಡಿ ಸಾಲ ಸೌಲಭ್ಯಕ್ಕಾಗಿ ಜಾಲತಾಣ https://www.kaushalkar.com ಹಾಗೂ ಉಳಿದ ಯೋಜನೆಗಳ ಸೌಲಭ್ಯ ಪಡೆಯಲು ಸೇವಾಸಿಂಧು ಪೋರ್ಟಲ್ https://sevasindhu.karnataka.gov.in ಮೂಲಕ ಗ್ರಾಮ ಒನ್, ತುಮಕೂರು ಒನ್ ಮತ್ತು ಕರ್ನಾಟಕ ಒನ್ ಸೇವಾ ಕೇಂದ್ರಗಳಲ್ಲಿ ಜೂನ್ 30ರೊಳಗಾಗಿ ಅರ್ಜಿ ಸಲ್ಲಿಸಬಹುದಾಗಿದೆ.
ಶೋಷಿತ ವರ್ಗಗಳಲ್ಲಿ ಹೋರಾಟದ ಕಿಚ್ಚು
ಹೋರಾಟದ ಹಣತೆ ಹಚ್ಚಿದ ಪ್ರೊ.ಬಿ.ಕೃಷ್ಣಪ್ಪ: ಎ.ನರಸಿಂಹಮೂರ್ತಿ
ತುಮಕೂರು: ಸ್ವಾಭಿಮಾನಿ ಆಂದೋಲನ ಕರ್ನಾಟಕ ಮತ್ತು ತುಮಕೂರು ಜಿಲ್ಲಾ ಕೊಳಗೇರಿ ನಿವಾಸಿಗಳ ಹಿತರಕ್ಷಣಾ ಸಮಿತಿ ವತಿಯಿಂದ ಸಂ ಭವನದಲ್ಲಿ ಪ್ರೊ.ಬಿ.ಕೃಷ್ಣಪ್ಪನವರ 87ನೇ ಜನ್ಮದಿನ ಆಚರಿಸಲಾಯಿತು. ದಿನಾಚರಣೆ ಅಂಗವಾಗಿ ವಿಕೆ ರೋಟರಿ ಮತ್ತು ಪ್ರಸ್ತುತತೆ ವಿಚಾರ ಸಂಕಿರಣ ಕಾರ್ಯಕ್ರಮವನ್ನು ಆಯೋಜಿಸಲಾಗಿತ್ತು. ವಿಚಾರಸಂಕಿರಣವನ್ನು ಉದ್ಘಾಟಿಸಿ ಮಾತನಾಡಿದ ಪ್ರಗತಿಪರ ಚಿಂತಕರು, ಹಾಗೂ ದಲಿತ ಸಂಘರ್ಷ ಸಮಿತಿ ಸಂಸ್ಥಾಪಕ ಸದಸ್ಯ ಎ.ನರಸಿಂಹಮೂರ್ತಿ ಅವರು, ಶೋಷಿತ ವರ್ಗಗಳಲ್ಲಿ ಹೋರಾಟದ ಕಿಚ್ಚನ್ನು ಹಚ್ಚಿದವರು ಪ್ರೊ.ಬಿ.ಕೃಷ್ಣಪ್ಪ. ದಲಿತ ಚಳುವಳಿ ಹುಟ್ಟಿದ್ದು ಸಾಮಾಜಿಕ ಅಸಮಾನತೆಯ ವಿರುದ್ಧ. 1970ರಲ್ಲಿ ದಲಿತ ಚಳುವಳಿಯನ್ನು ಪ್ರಾರಂಭಿಸಿದಾಗ ಅದರ ಮೂಲ ಆಶಯ ದಲಿತರಿಗೆ ಭೂಮಿ, ಶಿಕ್ಷಣ, ಉದ್ಯೋಗ ದೊರೆಯಬೇಕೆಂಬುದಾಗಿತ್ತು. ಆ ಕಾಲಘಟ್ಟದಲ್ಲಿ ಹಳ್ಳಿಗಳಲ್ಲಿ ದಲಿತರ ಮೇಲೆ ನಡೆಯುತ್ತಿದ್ದ ದೌರ್ಜನ್ಯಗಳನ್ನು ತಡೆಯಲು ಹೋರಾಟ ರೂಪಿಸಿದರು. ಜಾತಿ ವಿನಾಶವೇ ಸಮಸ್ಯೆಗೆ ಪರಿಹಾರ ಎಂದು ನಂಬಿದ್ದರು.
ಪ್ರೊ.ಬಿ.ಕೃಷ್ಣಪ್ಪನವರ 87ನೇ ಜನ್ಮ ದಿನದಲ್ಲಿ ಮಾತನಾಡಿದರು. ರಾಜ್ಯದಾದ್ಯಂತ ದೇವದಾಸಿ ಪದ್ಧತಿ, ಬೆತ್ತಲೆ ಸೇವೆ, ಬಹಿಷ್ಕಾರ, ಸಾಮಾಜಿಕ ಅನಿಷ್ಠ ಪದ್ಧತಿಗಳ ವಿರುದ್ಧ ಹೋರಾಡಿದರು. ಅದರ ಪರಿಣಾಮವಾಗಿ ಸರ್ಕಾರ ಹಲವು ಕಾನೂನುಗಳನ್ನು ಜಾರಿಗೆ ತಂದಿತು. ಸಾಮಾಜಿಕ ನ್ಯಾಯದ ಪರಿಕಲ್ಪನೆಯನ್ನು ಜನಮಾನಸದಲ್ಲಿ ಬಿತ್ತಿದರು. 1975ರ ತುರ್ತು ಪರಿಸ್ಥಿತಿಯ ಸಂದರ್ಭದಲ್ಲಿ ಸಹ ಹೋರಾಟ ನಡೆಸಿದರು. ಭೂಮಿಗಾಗಿ ಹೋರಾಟ ನಡೆಸಿ ಸಾವಿರಾರು ಭೂರಹಿತರಿಗೆ ಭೂಮಿ ದೊರೆಯುವಂತೆ ಮಾಡಿದರು. ದಲಿತ ಸಂಘರ್ಷ ಸಮಿತಿ ರಾಜ್ಯದಾದ್ಯಂತ ಬಲಿಷ್ಠ ಸಂಘಟನೆಯಾಗಿ ಬೆಳೆಯಿತು. ಇಂದಿನ ಯುವಜನತೆ ಅವರ ಆದರ್ಶಗಳನ್ನು ಅಳವಡಿಸಿಕೊಳ್ಳಬೇಕು ಎಂದರು.
ಹಾಡಿದರು. 1986ರ ಮಾರ್ಚ್‌ನಲ್ಲಿ ಪ್ರೊ.ಬಿ.ಕೃಷ್ಣಪ್ಪ ಅವರ ನೇತೃತ್ವದಲ್ಲಿ ಬೆತ್ತಲೆ ಸೇವೆ ವಿರೋಧಿ ಹೋರಾಟ ನಡೆಸಲಾಯಿತು. ಚಂದ್ರಗುತ್ತಿ ಜಾತ್ರೆಯಲ್ಲಿ ನಡೆಯುತ್ತಿದ್ದ ಅನಿಷ್ಠ ಪದ್ಧತಿ ನಿಲ್ಲಿಸಲು ಪೊಲೀಸರು ಮತ್ತು ಸರ್ಕಾರದ ಸಹಕಾರದೊಂದಿಗೆ ಯಶಸ್ವಿ ಹೋರಾಟ ನಡೆಯಿತು. ಇದರ ಫಲವಾಗಿ ಸರ್ಕಾರ ಕಾನೂನು ಜಾರಿಗೊಳಿಸಿತು. ದಲಿತ ಹೋರಾಟಗಳು ಸಾಮಾಜಿಕ ಬದಲಾವಣೆಗೆ ದಾರಿಯಾದವು. ಅವರ ಚಿಂತನೆಗಳು ಇಂದಿಗೂ ಪ್ರಸ್ತುತ ಎಂದು ಹೇಳಿದರು. ಲೋಹಿಯಾ, ಮಾರ್ಕ್ಸ್, ಅಂಬೇಡ್ಕರ್ ಚಿಂತನೆಗಳನ್ನು ಸಮನ್ವಯಗೊಳಿಸಿ ಹೋರಾಟ ರೂಪಿಸಿದರು. ಅವರ ಹೋರಾಟದ ಹಾದಿ ಇಂದಿನ ಪೀಳಿಗೆಗೆ ಮಾದರಿ ಎಂದು ತಿಳಿಸಿದರು.
ನಿರ್ಮಾಣವಾಯಿತು, ಪ್ರೊ.ಬಿಕೆ ಎಂದರೆ ಮನೆ ಮಾತಾಗುವಂತೆ ಆದರ ಚಳುವಳಿ ಜೊತೆಗೆ ಬದ್ಧತೆ ಆಧಾರ ಜನಾಂದೋಲನಗಳ ಸಿಹಿಯಾದರು. ಎಲ್ಲಾ ಸಂಘಟನೆಗಳ ಮುಖಂಡರು ಭಾಗವಹಿಸಿದ್ದರು. ಕಾರ್ಯಕ್ರಮದಲ್ಲಿ ಸ್ವಾಭಿಮಾನಿ ಆಂದೋಲನದ ರಾಜ್ಯ ಸಂಚಾಲಕರು, ಜಿಲ್ಲಾ ಸಂಚಾಲಕರು, ಕೊಳಗೇರಿ ನಿವಾಸಿಗಳ ಹಿತರಕ್ಷಣಾ ಸಮಿತಿಯ ಪದಾಧಿಕಾರಿಗಳು, ಮಹಿಳಾ ಘಟಕದ ಸದಸ್ಯರು ಹಾಗೂ ಅನೇಕ ಪ್ರಗತಿಪರ ಚಿಂತಕರು ಉಪಸ್ಥಿತರಿದ್ದರು. ಕಾರ್ಯಕ್ರಮದಲ್ಲಿ ಕಲಾವಿದರು ಕ್ರಾಂತಿ ಗೀತೆಗಳನ್ನು ಹಾಡಿದರು. ನಂತರ ಸಾರ್ವಜನಿಕರಿಗೆ ಸಿಹಿ ಹಂಚಲಾಯಿತು. ಜಿಲ್ಲೆಯ ವಿವಿಧ ಭಾಗಗಳಿಂದ ಕಾರ್ಯಕರ್ತರು ಆಗಮಿಸಿದ್ದರು. ಶಂಕರಪ್ಪ, ಲಕ್ಷ್ಮಮ್ಮ, ಶಂಕರ್ ಮತ್ತಿತರರು ಭಾಗವಹಿಸಿದ್ದರು.
Printed by: H.S. PARAMESH,7th Cross, Srirama Nagara, Tumakuru-572101,Tumakuru Dist. Karnataka, Published & Owned by: RAGHU A.N,New Extension, Arakere post, Tumakuru-572106, Printed at : SRI LAKSHMI NARASIMHA OFFSET PRINTERS,7th Cross,
Srirama Nagara, Tumakuru-572101,Tumakuru Dist. Karnataka. Published at : At New Extension, Arakere post, Tumakuru -572106, Tumakuru Dist, Karnataka. Editor : RAGHU A.N,New Extension, Arakere post, Tumakuru -572106, Tumakuru Dist, Karnataka.
